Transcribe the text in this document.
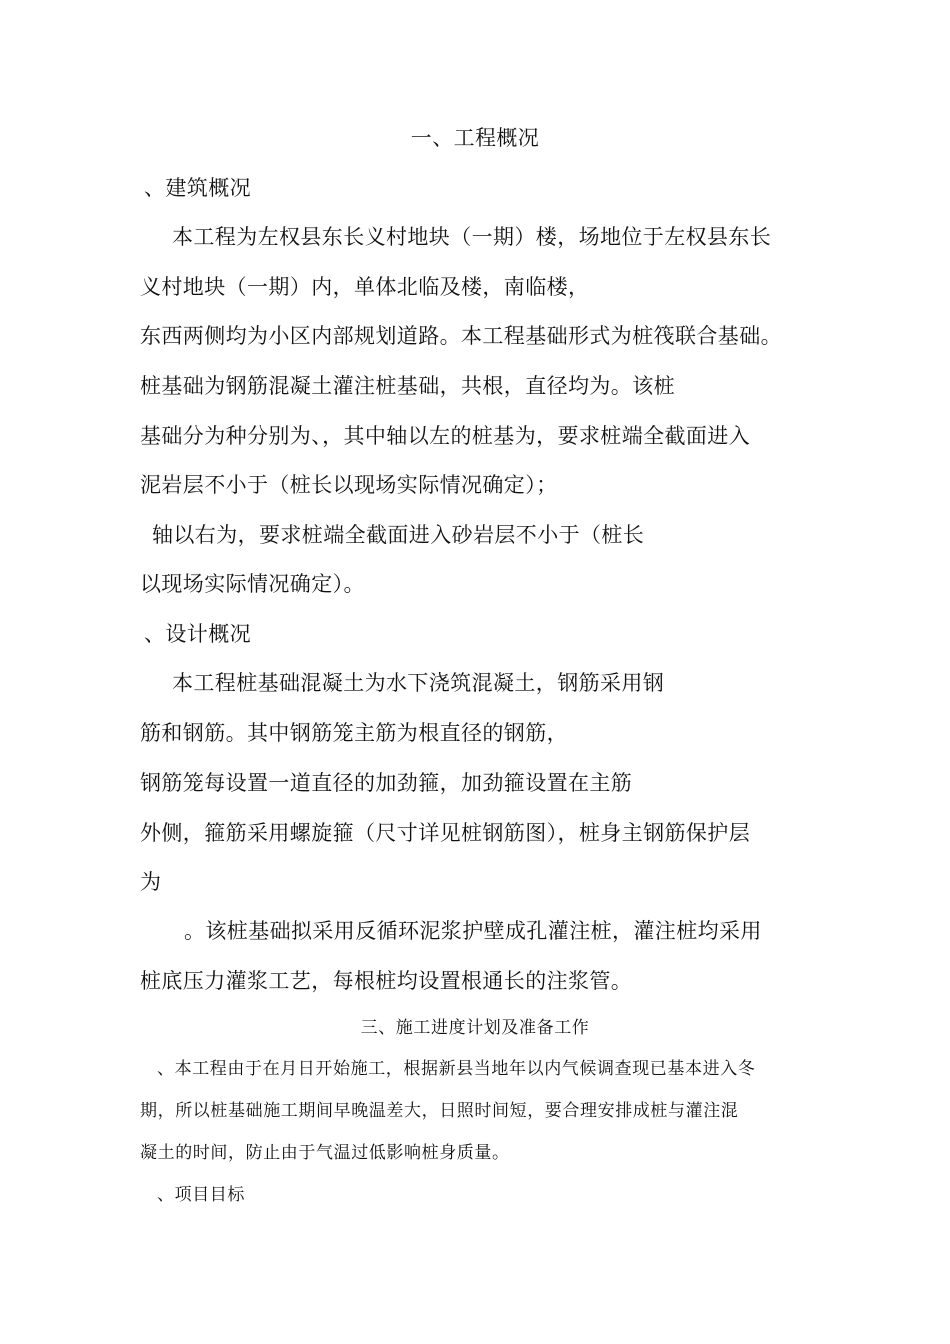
一、工程概况
、建筑概况
本工程为左权县东长义村地块（一期）楼，场地位于左权县东长
义村地块（一期）内，单体北临及楼，南临楼，
东西两侧均为小区内部规划道路。本工程基础形式为桩筏联合基础。
桩基础为钢筋混凝土灌注桩基础，共根，直径均为。该桩
基础分为种分别为、，其中轴以左的桩基为，要求桩端全截面进入
泥岩层不小于（桩长以现场实际情况确定）；
轴以右为，要求桩端全截面进入砂岩层不小于（桩长
以现场实际情况确定）。
、设计概况
本工程桩基础混凝土为水下浇筑混凝土，钢筋采用钢
筋和钢筋。其中钢筋笼主筋为根直径的钢筋，
钢筋笼每设置一道直径的加劲箍，加劲箍设置在主筋
外侧，箍筋采用螺旋箍（尺寸详见桩钢筋图），桩身主钢筋保护层
为
。该桩基础拟采用反循环泥浆护壁成孔灌注桩，灌注桩均采用
桩底压力灌浆工艺，每根桩均设置根通长的注浆管。
三、施工进度计划及准备工作
、本工程由于在月日开始施工，根据新县当地年以内气候调查现已基本进入冬
期，所以桩基础施工期间早晚温差大，日照时间短，要合理安排成桩与灌注混
凝土的时间，防止由于气温过低影响桩身质量。
、项目目标
